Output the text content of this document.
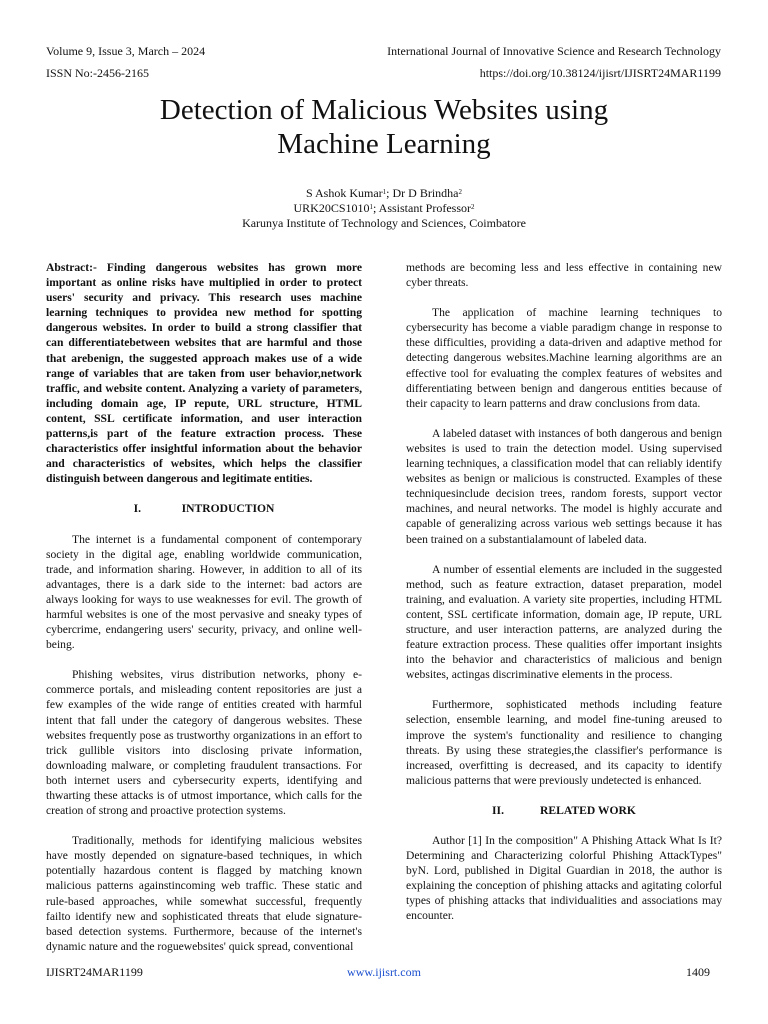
Volume 9, Issue 3, March – 2024	International Journal of Innovative Science and Research Technology
ISSN No:-2456-2165	https://doi.org/10.38124/ijisrt/IJISRT24MAR1199
Detection of Malicious Websites using
Machine Learning
S Ashok Kumar$^1$; Dr D Brindha$^2$
URK20CS1010$^1$; Assistant Professor$^2$
Karunya Institute of Technology and Sciences, Coimbatore

Abstract:- Finding dangerous websites has grown more important as online risks have multiplied in order to protect users' security and privacy. This research uses machine learning techniques to providea new method for spotting dangerous websites. In order to build a strong classifier that can differentiatebetween websites that are harmful and those that arebenign, the suggested approach makes use of a wide range of variables that are taken from user behavior,network traffic, and website content. Analyzing a variety of parameters, including domain age, IP repute, URL structure, HTML content, SSL certificate information, and user interaction patterns,is part of the feature extraction process. These characteristics offer insightful information about the behavior and characteristics of websites, which helps the classifier distinguish between dangerous and legitimate entities.

I.	INTRODUCTION

The internet is a fundamental component of contemporary society in the digital age, enabling worldwide communication, trade, and information sharing. However, in addition to all of its advantages, there is a dark side to the internet: bad actors are always looking for ways to use weaknesses for evil. The growth of harmful websites is one of the most pervasive and sneaky types of cybercrime, endangering users' security, privacy, and online well-being.

Phishing websites, virus distribution networks, phony e-commerce portals, and misleading content repositories are just a few examples of the wide range of entities created with harmful intent that fall under the category of dangerous websites. These websites frequently pose as trustworthy organizations in an effort to trick gullible visitors into disclosing private information, downloading malware, or completing fraudulent transactions. For both internet users and cybersecurity experts, identifying and thwarting these attacks is of utmost importance, which calls for the creation of strong and proactive protection systems.

Traditionally, methods for identifying malicious websites have mostly depended on signature-based techniques, in which potentially hazardous content is flagged by matching known malicious patterns againstincoming web traffic. These static and rule-based approaches, while somewhat successful, frequently failto identify new and sophisticated threats that elude signature-based detection systems. Furthermore, because of the internet's dynamic nature and the roguewebsites' quick spread, conventional

methods are becoming less and less effective in containing new cyber threats.

The application of machine learning techniques to cybersecurity has become a viable paradigm change in response to these difficulties, providing a data-driven and adaptive method for detecting dangerous websites.Machine learning algorithms are an effective tool for evaluating the complex features of websites and differentiating between benign and dangerous entities because of their capacity to learn patterns and draw conclusions from data.

A labeled dataset with instances of both dangerous and benign websites is used to train the detection model. Using supervised learning techniques, a classification model that can reliably identify websites as benign or malicious is constructed. Examples of these techniquesinclude decision trees, random forests, support vector machines, and neural networks. The model is highly accurate and capable of generalizing across various web settings because it has been trained on a substantialamount of labeled data.

A number of essential elements are included in the suggested method, such as feature extraction, dataset preparation, model training, and evaluation. A variety site properties, including HTML content, SSL certificate information, domain age, IP repute, URL structure, and user interaction patterns, are analyzed during the feature extraction process. These qualities offer important insights into the behavior and characteristics of malicious and benign websites, actingas discriminative elements in the process.

Furthermore, sophisticated methods including feature selection, ensemble learning, and model fine-tuning areused to improve the system's functionality and resilience to changing threats. By using these strategies,the classifier's performance is increased, overfitting is decreased, and its capacity to identify malicious patterns that were previously undetected is enhanced.

II.	RELATED WORK

Author [1] In the composition" A Phishing Attack What Is It? Determining and Characterizing colorful Phishing AttackTypes" byN. Lord, published in Digital Guardian in 2018, the author is explaining the conception of phishing attacks and agitating colorful types of phishing attacks that individualities and associations may encounter.

IJISRT24MAR1199	www.ijisrt.com	1409
